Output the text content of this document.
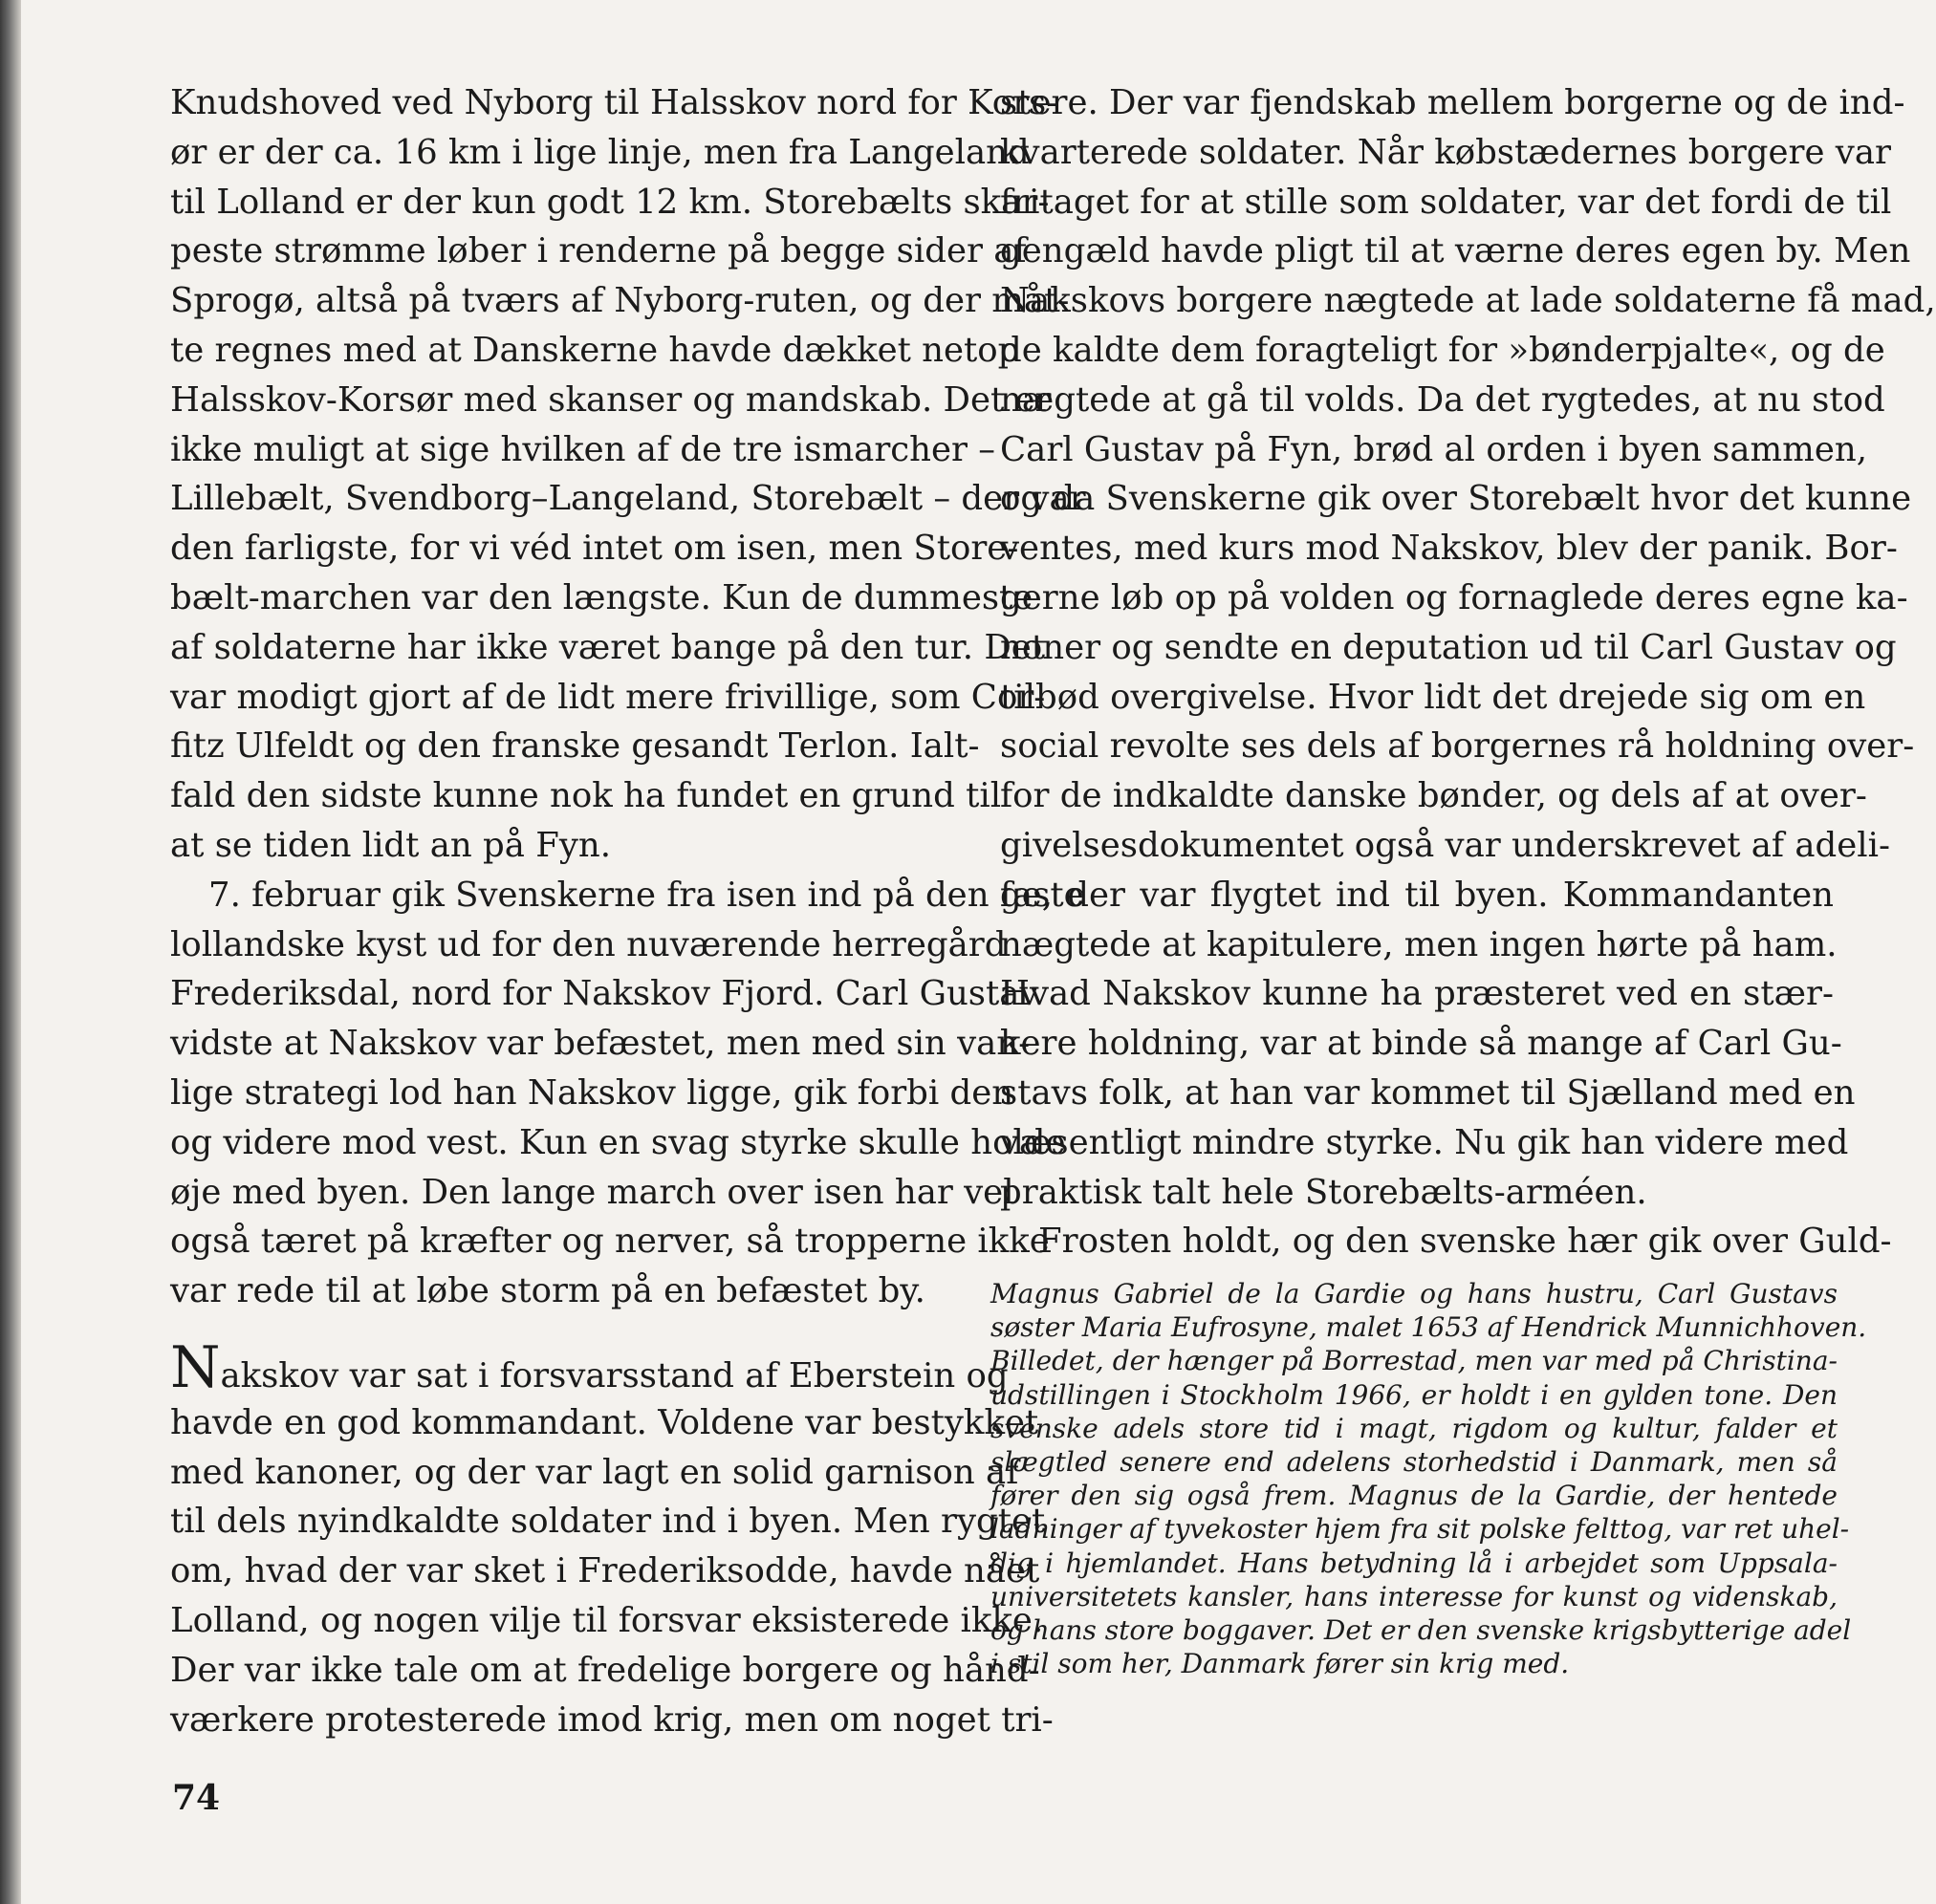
Knudshoved ved Nyborg til Halsskov nord for Kors-
ør er der ca. 16 km i lige linje, men fra Langeland
til Lolland er der kun godt 12 km. Storebælts skar-
peste strømme løber i renderne på begge sider af
Sprogø, altså på tværs af Nyborg-ruten, og der måt-
te regnes med at Danskerne havde dækket netop
Halsskov-Korsør med skanser og mandskab. Det er
ikke muligt at sige hvilken af de tre ismarcher –
Lillebælt, Svendborg–Langeland, Storebælt – der var
den farligste, for vi véd intet om isen, men Store-
bælt-marchen var den længste. Kun de dummeste
af soldaterne har ikke været bange på den tur. Det
var modigt gjort af de lidt mere frivillige, som Cor-
fitz Ulfeldt og den franske gesandt Terlon. Ialt-
fald den sidste kunne nok ha fundet en grund til
at se tiden lidt an på Fyn.
7. februar gik Svenskerne fra isen ind på den faste
lollandske kyst ud for den nuværende herregård
Frederiksdal, nord for Nakskov Fjord. Carl Gustav
vidste at Nakskov var befæstet, men med sin van-
lige strategi lod han Nakskov ligge, gik forbi den
og videre mod vest. Kun en svag styrke skulle holde
øje med byen. Den lange march over isen har vel
også tæret på kræfter og nerver, så tropperne ikke
var rede til at løbe storm på en befæstet by.
Nakskov var sat i forsvarsstand af Eberstein og
havde en god kommandant. Voldene var bestykket
med kanoner, og der var lagt en solid garnison af
til dels nyindkaldte soldater ind i byen. Men rygtet
om, hvad der var sket i Frederiksodde, havde nået
Lolland, og nogen vilje til forsvar eksisterede ikke.
Der var ikke tale om at fredelige borgere og hånd-
værkere protesterede imod krig, men om noget tri-
stere. Der var fjendskab mellem borgerne og de ind-
kvarterede soldater. Når købstædernes borgere var
fritaget for at stille som soldater, var det fordi de til
gengæld havde pligt til at værne deres egen by. Men
Nakskovs borgere nægtede at lade soldaterne få mad,
de kaldte dem foragteligt for »bønderpjalte«, og de
nægtede at gå til volds. Da det rygtedes, at nu stod
Carl Gustav på Fyn, brød al orden i byen sammen,
og da Svenskerne gik over Storebælt hvor det kunne
ventes, med kurs mod Nakskov, blev der panik. Bor-
gerne løb op på volden og fornaglede deres egne ka-
noner og sendte en deputation ud til Carl Gustav og
tilbød overgivelse. Hvor lidt det drejede sig om en
social revolte ses dels af borgernes rå holdning over-
for de indkaldte danske bønder, og dels af at over-
givelsesdokumentet også var underskrevet af adeli-
ge, der var flygtet ind til byen. Kommandanten
nægtede at kapitulere, men ingen hørte på ham.
Hvad Nakskov kunne ha præsteret ved en stær-
kere holdning, var at binde så mange af Carl Gu-
stavs folk, at han var kommet til Sjælland med en
væsentligt mindre styrke. Nu gik han videre med
praktisk talt hele Storebælts-arméen.
Frosten holdt, og den svenske hær gik over Guld-
Magnus Gabriel de la Gardie og hans hustru, Carl Gustavs
søster Maria Eufrosyne, malet 1653 af Hendrick Munnichhoven.
Billedet, der hænger på Borrestad, men var med på Christina-
udstillingen i Stockholm 1966, er holdt i en gylden tone. Den
svenske adels store tid i magt, rigdom og kultur, falder et
slægtled senere end adelens storhedstid i Danmark, men så
fører den sig også frem. Magnus de la Gardie, der hentede
ladninger af tyvekoster hjem fra sit polske felttog, var ret uhel-
dig i hjemlandet. Hans betydning lå i arbejdet som Uppsala-
universitetets kansler, hans interesse for kunst og videnskab,
og hans store boggaver. Det er den svenske krigsbytterige adel
i stil som her, Danmark fører sin krig med.
74
